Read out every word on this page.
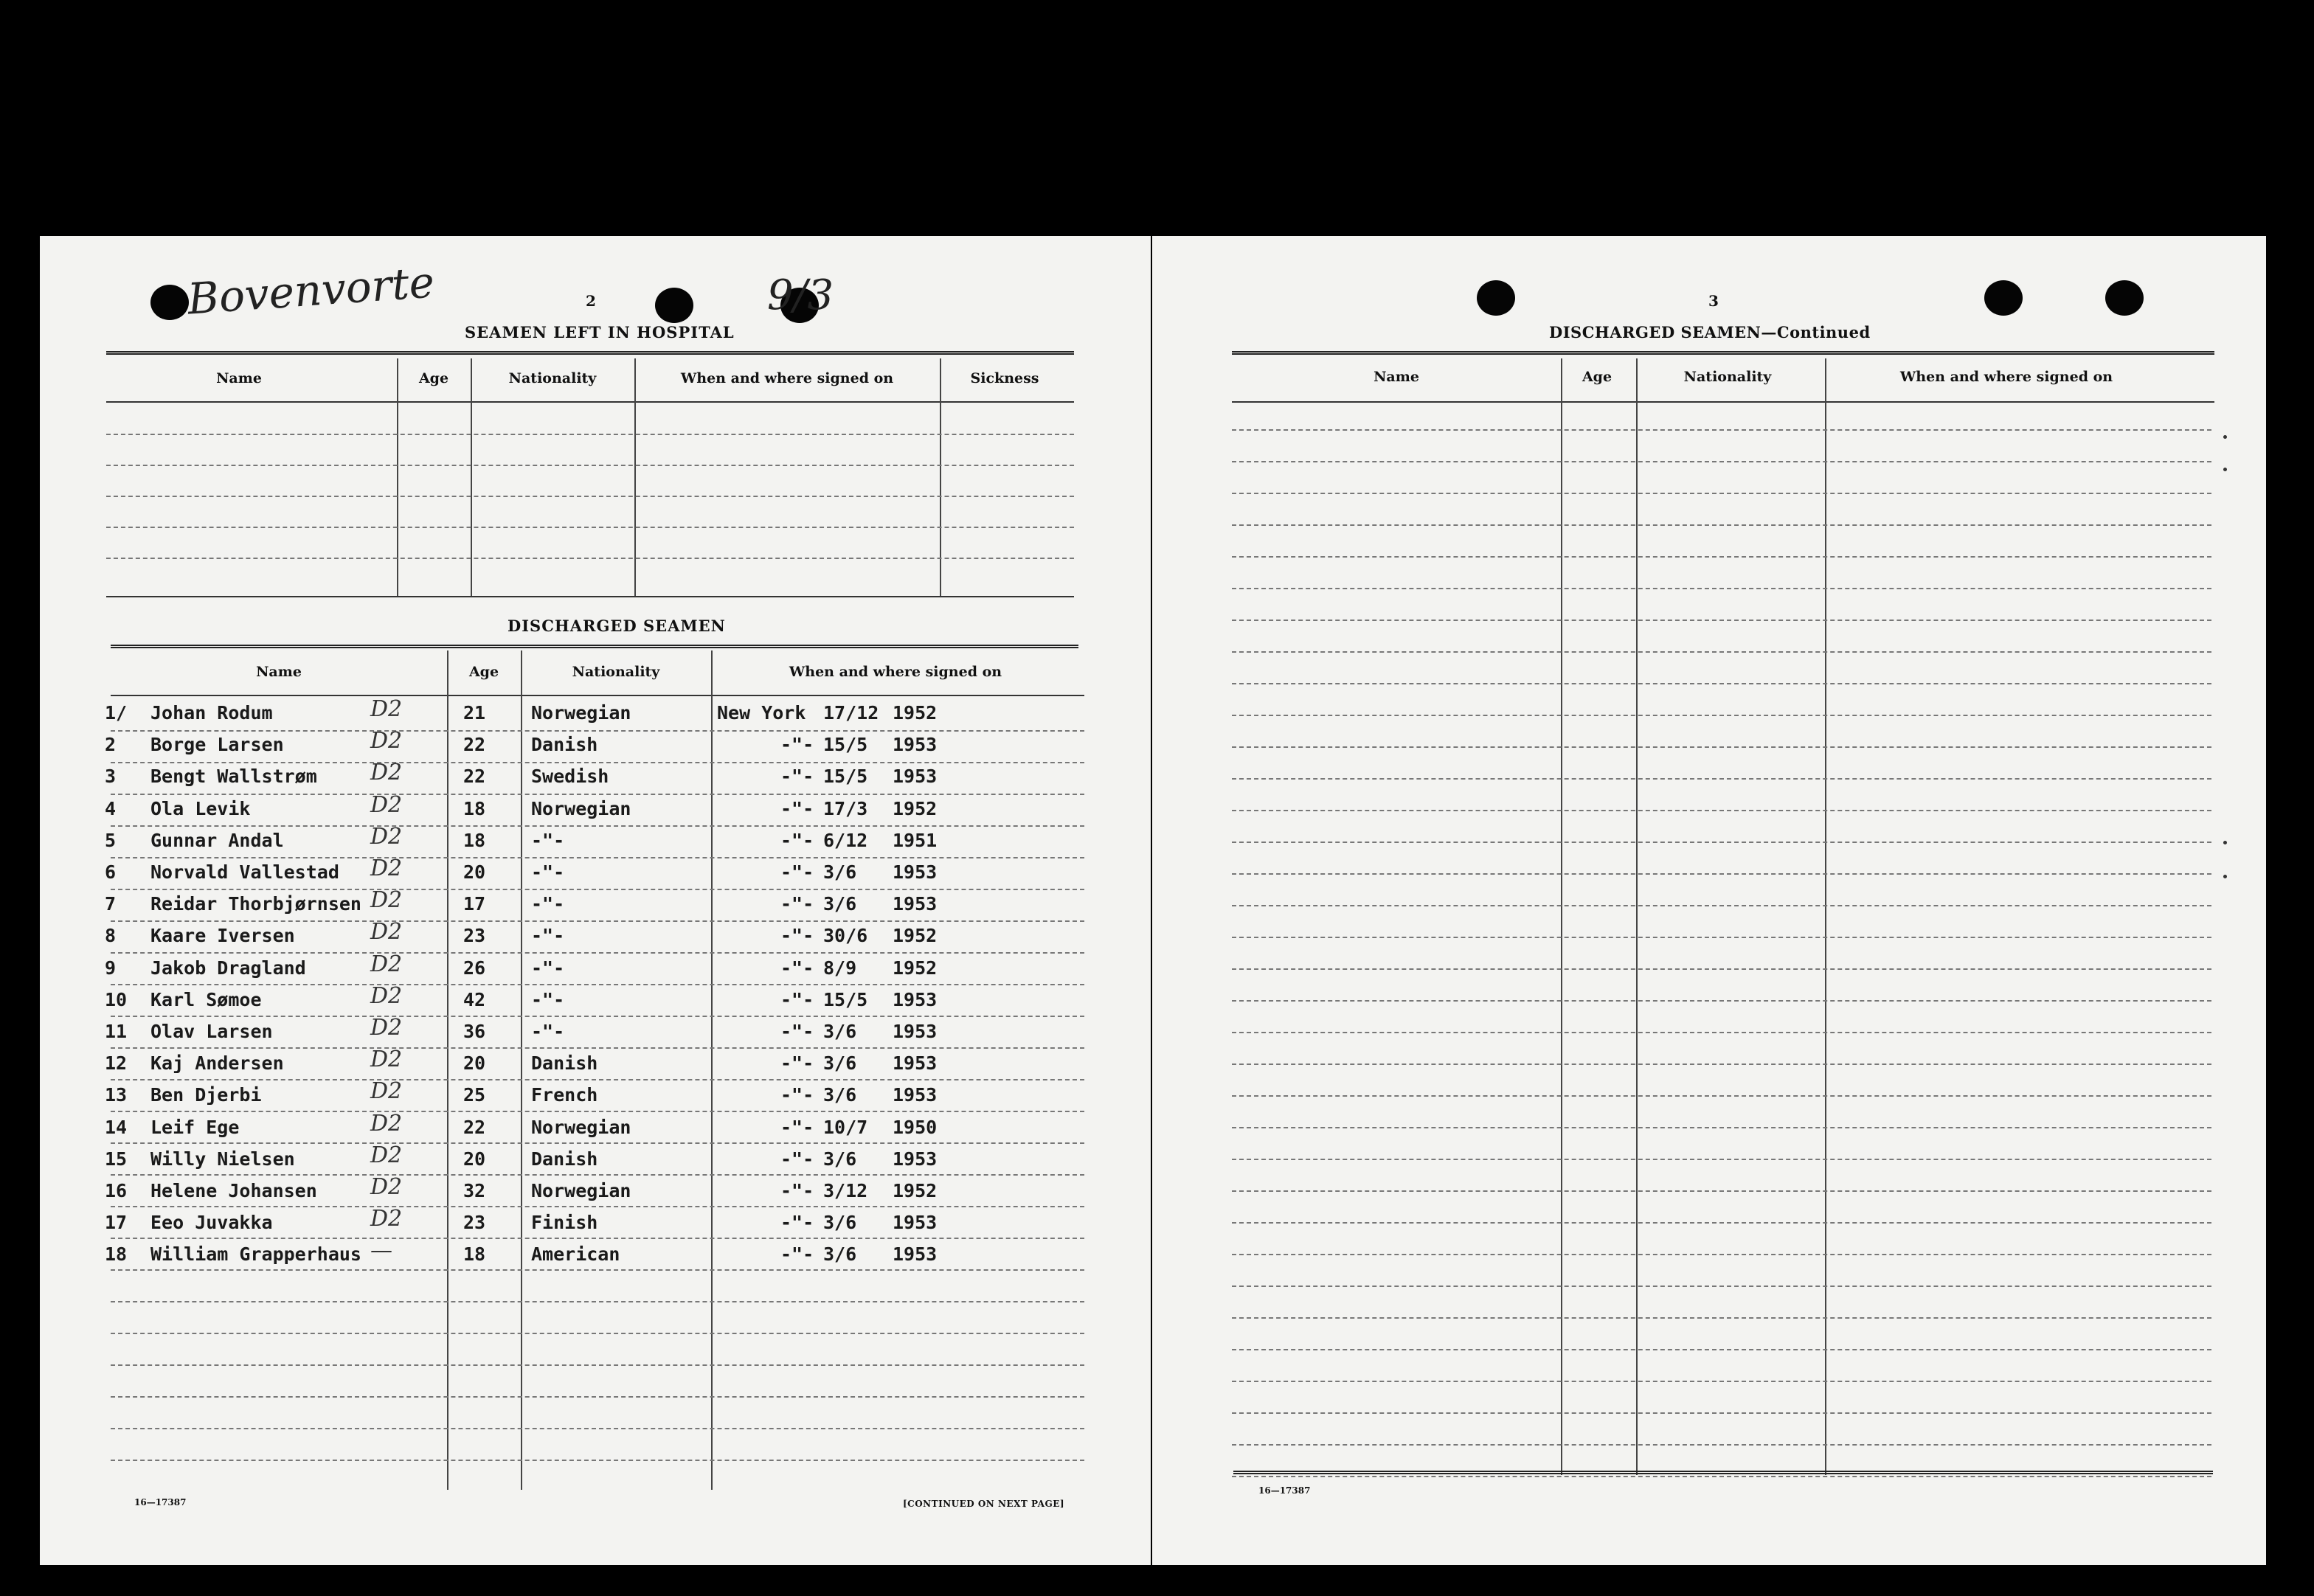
Bovenvorte	9/3
2
SEAMEN LEFT IN HOSPITAL
Name	Age	Nationality	When and where signed on	Sickness
DISCHARGED SEAMEN
Name	Age	Nationality	When and where signed on
1/ Johan Rodum	D2	21 Norwegian	New York 17/12 1952
2 Borge Larsen	D2	22 Danish	-"- 15/5 1953
3 Bengt Wallstrøm D2	22 Swedish	-"- 15/5 1953
4 Ola Levik	D2	18 Norwegian	-"- 17/3 1952
5 Gunnar Andal	D2	18 -"-	-"- 6/12 1951
6 Norvald Vallestad D2	20 -"-	-"- 3/6 1953
7 Reidar Thorbjørnsen D2	17 -"-	-"- 3/6 1953
8 Kaare Iversen	D2	23 -"-	-"- 30/6 1952
9 Jakob Dragland	D2	26 -"-	-"- 8/9 1952
10 Karl Sømoe	D2	42 -"-	-"- 15/5 1953
11 Olav Larsen	D2	36 -"-	-"- 3/6 1953
12 Kaj Andersen	D2	20 Danish	-"- 3/6 1953
13 Ben Djerbi	D2	25 French	-"- 3/6 1953
14 Leif Ege	D2	22 Norwegian	-"- 10/7 1950
15 Willy Nielsen	D2	20 Danish	-"- 3/6 1953
16 Helene Johansen D2	32 Norwegian	-"- 3/12 1952
17 Eeo Juvakka	D2	23 Finish	-"- 3/6 1953
18 William Grapperhaus —	18 American	-"- 3/6 1953
16—17387	[CONTINUED ON NEXT PAGE]
3
DISCHARGED SEAMEN—Continued
Name	Age	Nationality	When and where signed on
16—17387
